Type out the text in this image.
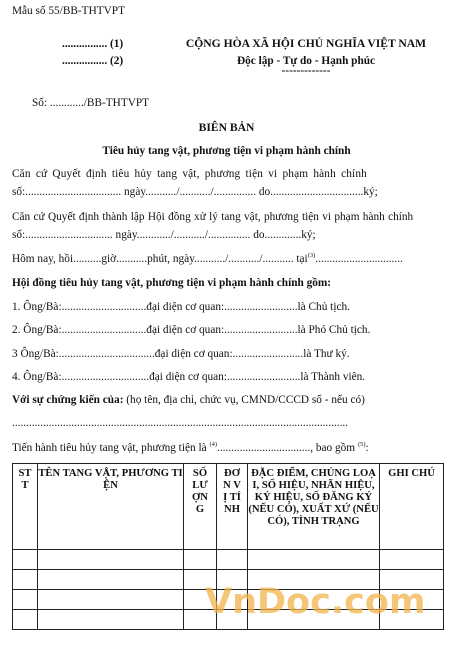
Mẫu số 55/BB-THTVPT
................ (1)
................ (2)
CỘNG HÒA XÃ HỘI CHỦ NGHĨA VIỆT NAM
Độc lập - Tự do - Hạnh phúc
-------------
Số: ............/BB-THTVPT
BIÊN BẢN
Tiêu hủy tang vật, phương tiện vi phạm hành chính
Căn cứ Quyết định tiêu hủy tang vật, phương tiện vi phạm hành chính
số:.................................. ngày.........../.........../............... do.................................ký;
Căn cứ Quyết định thành lập Hội đồng xử lý tang vật, phương tiện vi phạm hành chính
số:............................... ngày............/.........../............... do.............ký;
Hôm nay, hồi..........giờ...........phút, ngày.........../.........../........... tại$^{(3)}$...............................
Hội đồng tiêu hủy tang vật, phương tiện vi phạm hành chính gồm:
1. Ông/Bà:..............................đại diện cơ quan:..........................là Chủ tịch.
2. Ông/Bà:..............................đại diện cơ quan:..........................là Phó Chủ tịch.
3 Ông/Bà:..................................đại diện cơ quan:.........................là Thư ký.
4. Ông/Bà:...............................đại diện cơ quan:..........................là Thành viên.
Với sự chứng kiến của: (họ tên, địa chỉ, chức vụ, CMND/CCCD số - nếu có)
.......................................................................................................................
Tiến hành tiêu hủy tang vật, phương tiện là $^{(4)}$................................., bao gồm $^{(5)}$:
STT	TÊN TANG VẬT, PHƯƠNG TIỆN	SỐ LƯỢNG	ĐƠN VỊ TÍNH	ĐẶC ĐIỂM, CHỦNG LOẠI, SỐ HIỆU, NHÃN HIỆU, KÝ HIỆU, SỐ ĐĂNG KÝ (NẾU CÓ), XUẤT XỨ (NẾU CÓ), TÌNH TRẠNG	GHI CHÚ

VnDoc.com
